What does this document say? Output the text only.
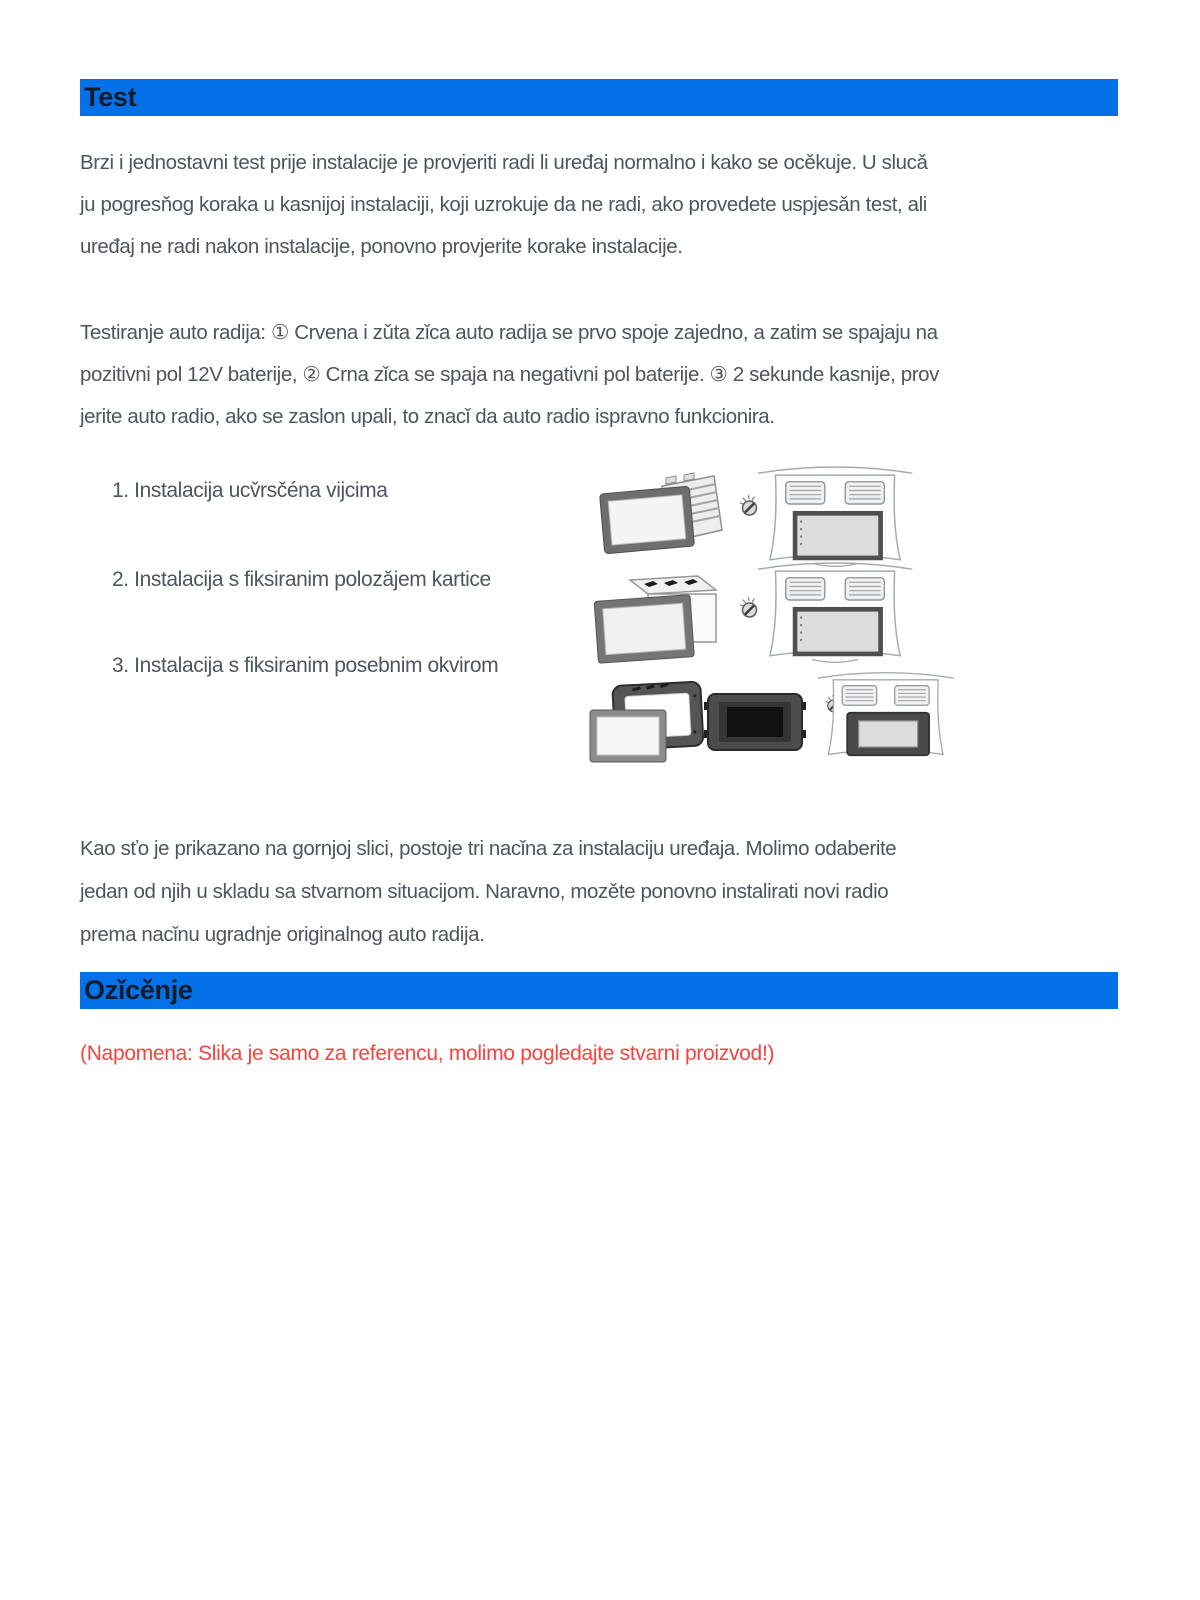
Test
Brzi i jednostavni test prije instalacije je provjeriti radi li uređaj normalno i kako se ocěkuje. U slucǎ
ju pogresňog koraka u kasnijoj instalaciji, koji uzrokuje da ne radi, ako provedete uspjesǎn test, ali
uređaj ne radi nakon instalacije, ponovno provjerite korake instalacije.
Testiranje auto radija: ① Crvena i zǔta zǐca auto radija se prvo spoje zajedno, a zatim se spajaju na
pozitivni pol 12V baterije, ② Crna zǐca se spaja na negativni pol baterije. ③ 2 sekunde kasnije, prov
jerite auto radio, ako se zaslon upali, to znacǐ da auto radio ispravno funkcionira.
1. Instalacija ucv̌rsčéna vijcima
2. Instalacija s fiksiranim polozǎjem kartice
3. Instalacija s fiksiranim posebnim okvirom
Kao sťo je prikazano na gornjoj slici, postoje tri nacǐna za instalaciju uređaja. Molimo odaberite
jedan od njih u skladu sa stvarnom situacijom. Naravno, mozěte ponovno instalirati novi radio
prema nacǐnu ugradnje originalnog auto radija.
Ozǐcěnje
(Napomena: Slika je samo za referencu, molimo pogledajte stvarni proizvod!)
